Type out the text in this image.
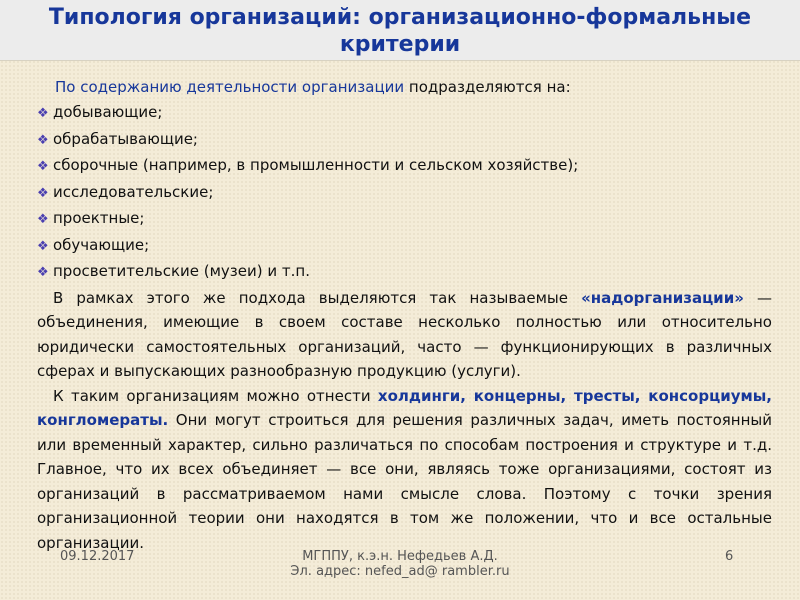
Типология организаций: организационно-формальные критерии

По содержанию деятельности организации подразделяются на:

❖ добывающие;
❖ обрабатывающие;
❖ сборочные (например, в промышленности и сельском хозяйстве);
❖ исследовательские;
❖ проектные;
❖ обучающие;
❖ просветительские (музеи) и т.п.

В рамках этого же подхода выделяются так называемые «надорганизации» — объединения, имеющие в своем составе несколько полностью или относительно юридически самостоятельных организаций, часто — функционирующих в различных сферах и выпускающих разнообразную продукцию (услуги).

К таким организациям можно отнести холдинги, концерны, тресты, консорциумы, конгломераты. Они могут строиться для решения различных задач, иметь постоянный или временный характер, сильно различаться по способам построения и структуре и т.д. Главное, что их всех объединяет — все они, являясь тоже организациями, состоят из организаций в рассматриваемом нами смысле слова. Поэтому с точки зрения организационной теории они находятся в том же положении, что и все остальные организации.

09.12.2017	МГППУ, к.э.н. Нефедьев А.Д.
Эл. адрес: nefed_ad@ rambler.ru
6
